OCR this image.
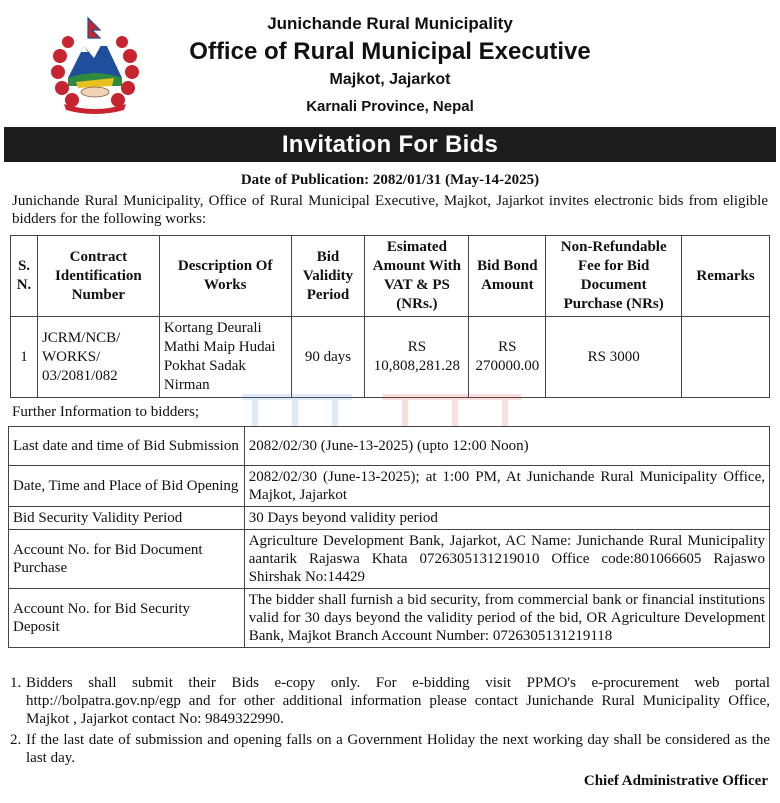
Junichande Rural Municipality
Office of Rural Municipal Executive
Majkot, Jajarkot
Karnali Province, Nepal
Invitation For Bids
Date of Publication: 2082/01/31 (May-14-2025)
Junichande Rural Municipality, Office of Rural Municipal Executive, Majkot, Jajarkot invites electronic bids from eligible bidders for the following works:
S. N.	Contract Identification Number	Description Of Works	Bid Validity Period	Esimated Amount With VAT & PS (NRs.)	Bid Bond Amount	Non-Refundable Fee for Bid Document Purchase (NRs)	Remarks
1	JCRM/NCB/ WORKS/ 03/2081/082	Kortang Deurali Mathi Maip Hudai Pokhat Sadak Nirman	90 days	RS 10,808,281.28	RS 270000.00	RS 3000	
Further Information to bidders;
Last date and time of Bid Submission	2082/02/30 (June-13-2025) (upto 12:00 Noon)
Date, Time and Place of Bid Opening	2082/02/30 (June-13-2025); at 1:00 PM, At Junichande Rural Municipality Office, Majkot, Jajarkot
Bid Security Validity Period	30 Days beyond validity period
Account No. for Bid Document Purchase	Agriculture Development Bank, Jajarkot, AC Name: Junichande Rural Municipality aantarik Rajaswa Khata 0726305131219010 Office code:801066605 Rajaswo Shirshak No:14429
Account No. for Bid Security Deposit	The bidder shall furnish a bid security, from commercial bank or financial institutions valid for 30 days beyond the validity period of the bid, OR Agriculture Development Bank, Majkot Branch Account Number: 0726305131219118
1. Bidders shall submit their Bids e-copy only. For e-bidding visit PPMO's e-procurement web portal http://bolpatra.gov.np/egp and for other additional information please contact Junichande Rural Municipality Office, Majkot , Jajarkot contact No: 9849322990.
2. If the last date of submission and opening falls on a Government Holiday the next working day shall be considered as the last day.
Chief Administrative Officer
